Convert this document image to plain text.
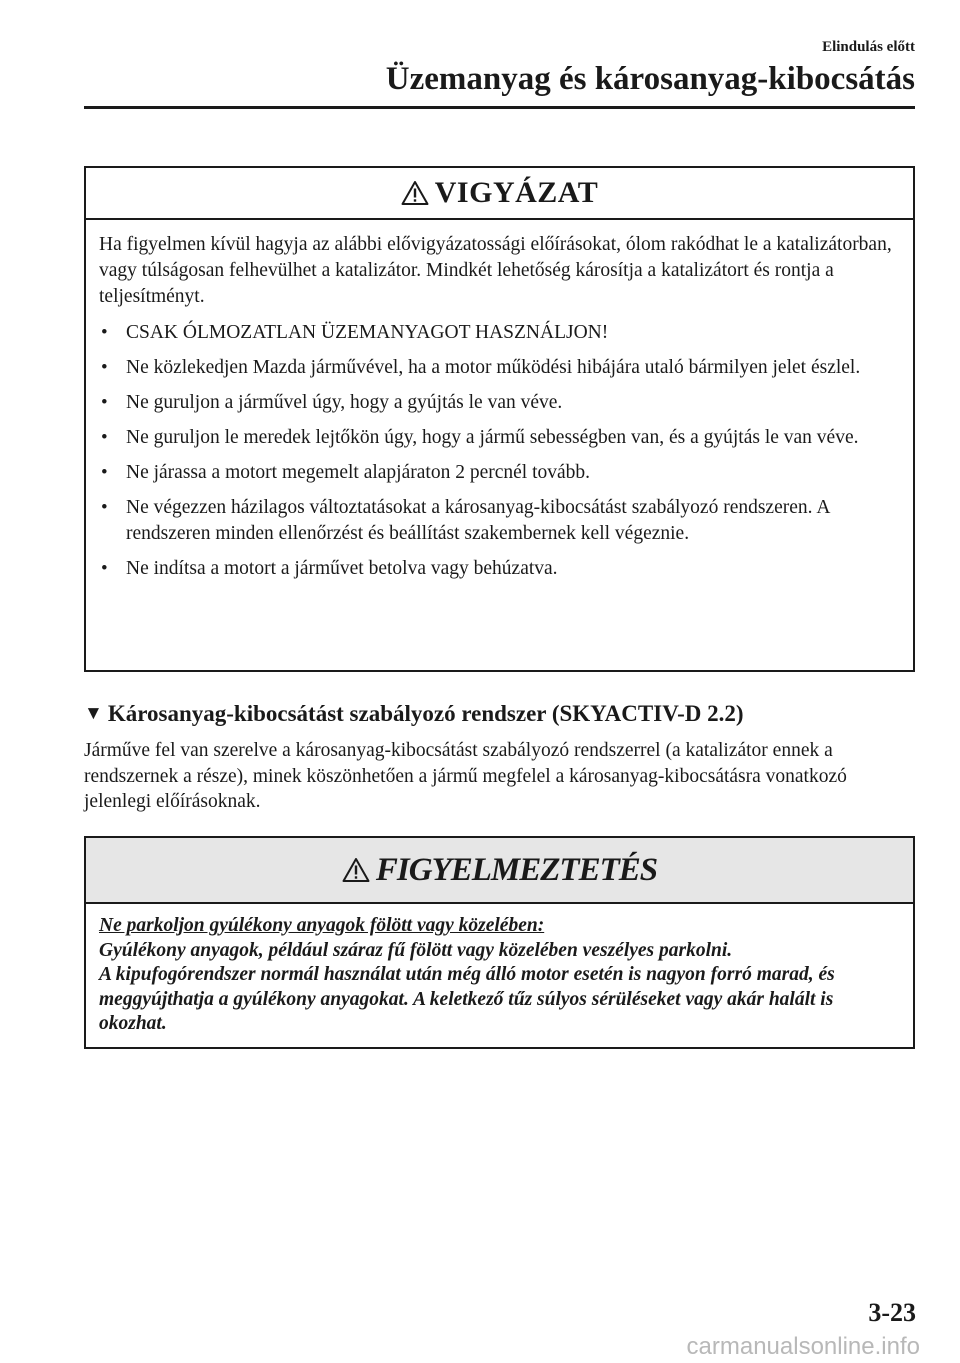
Elindulás előtt
Üzemanyag és károsanyag-kibocsátás
VIGYÁZAT

Ha figyelmen kívül hagyja az alábbi elővigyázatossági előírásokat, ólom rakódhat le a katalizátorban, vagy túlságosan felhevülhet a katalizátor. Mindkét lehetőség károsítja a katalizátort és rontja a teljesítményt.

• CSAK ÓLMOZATLAN ÜZEMANYAGOT HASZNÁLJON!
• Ne közlekedjen Mazda járművével, ha a motor működési hibájára utaló bármilyen jelet észlel.
• Ne guruljon a járművel úgy, hogy a gyújtás le van véve.
• Ne guruljon le meredek lejtőkön úgy, hogy a jármű sebességben van, és a gyújtás le van véve.
• Ne járassa a motort megemelt alapjáraton 2 percnél tovább.
• Ne végezzen házilagos változtatásokat a károsanyag-kibocsátást szabályozó rendszeren. A rendszeren minden ellenőrzést és beállítást szakembernek kell végeznie.
• Ne indítsa a motort a járművet betolva vagy behúzatva.
▼ Károsanyag-kibocsátást szabályozó rendszer (SKYACTIV-D 2.2)

Járműve fel van szerelve a károsanyag-kibocsátást szabályozó rendszerrel (a katalizátor ennek a rendszernek a része), minek köszönhetően a jármű megfelel a károsanyag-kibocsátásra vonatkozó jelenlegi előírásoknak.

FIGYELMEZTETÉS
Ne parkoljon gyúlékony anyagok fölött vagy közelében:
Gyúlékony anyagok, például száraz fű fölött vagy közelében veszélyes parkolni.
A kipufogórendszer normál használat után még álló motor esetén is nagyon forró marad, és meggyújthatja a gyúlékony anyagokat. A keletkező tűz súlyos sérüléseket vagy akár halált is okozhat.
3-23
carmanualsonline.info
